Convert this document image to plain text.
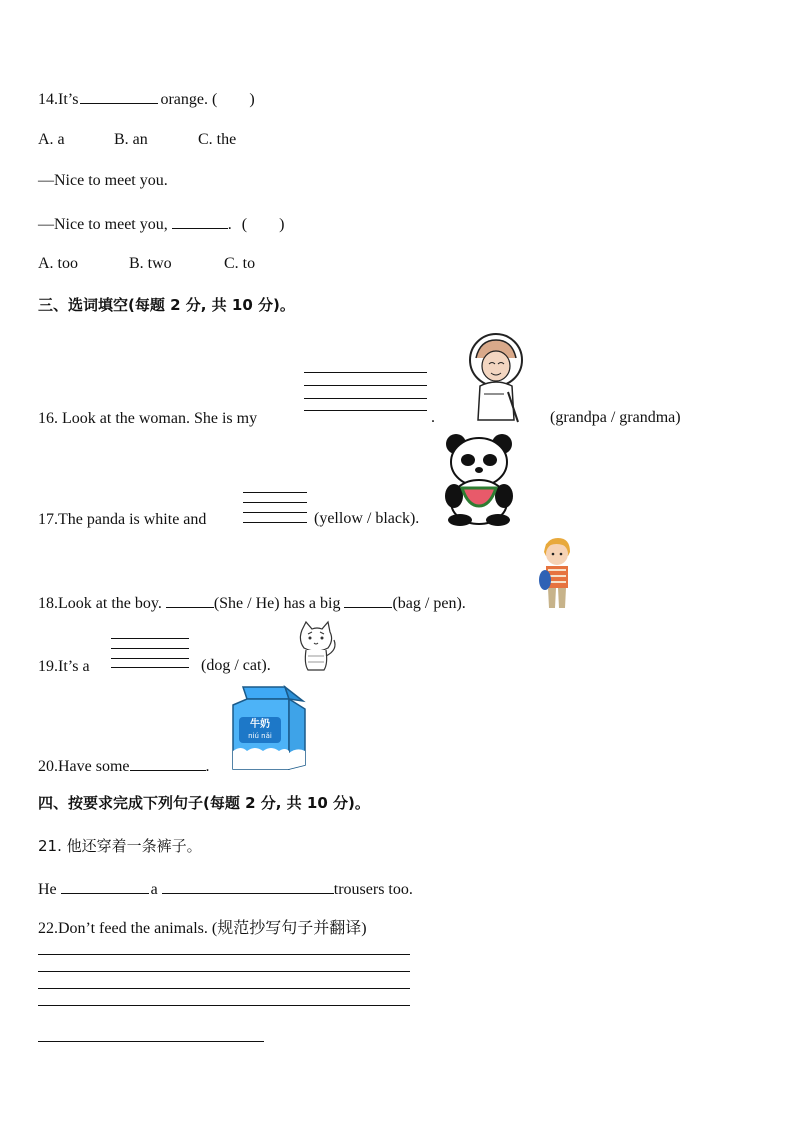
14.It’s	orange. (        )
A. a	B. an	C. the
—Nice to meet you.
—Nice to meet you,	. (        )
A. too	B. two	C. to
三、选词填空(每题 2 分, 共 10 分)。
16. Look at the woman. She is my	.	(grandpa / grandma)
17.The panda is white and	(yellow / black).
18.Look at the boy.	(She / He) has a big	(bag / pen).
19.It’s a	(dog / cat).
20.Have some	.
牛奶
niú nǎi
四、按要求完成下列句子(每题 2 分, 共 10 分)。
21. 他还穿着一条裤子。
He	a	trousers too.
22.Don’t feed the animals. (规范抄写句子并翻译)
